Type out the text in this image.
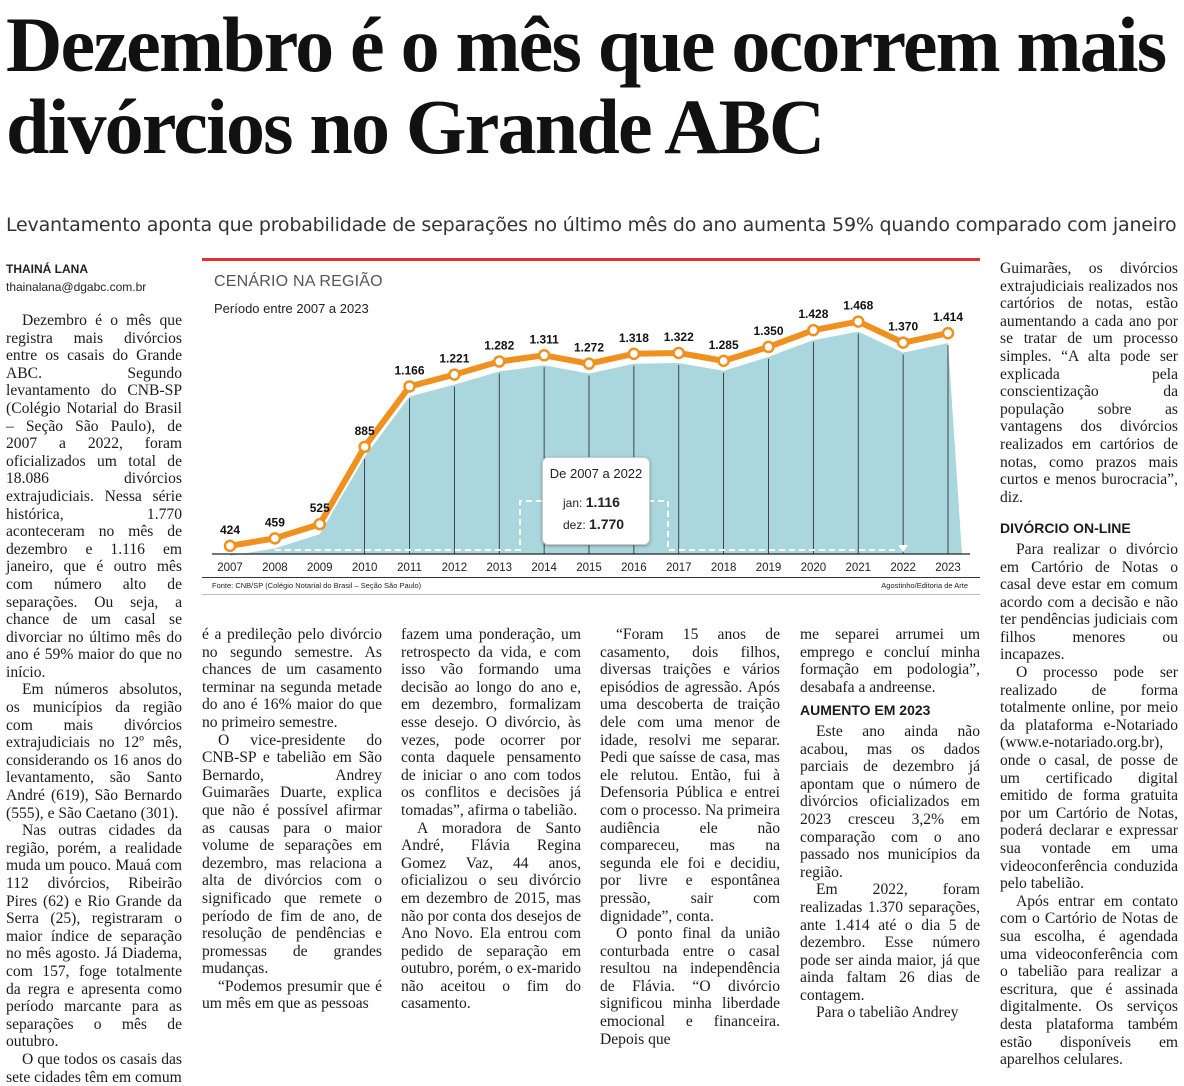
Dezembro é o mês que ocorrem mais divórcios no Grande ABC
Levantamento aponta que probabilidade de separações no último mês do ano aumenta 59% quando comparado com janeiro
THAINÁ LANA
thainalana@dgabc.com.br

Dezembro é o mês que registra mais divórcios entre os casais do Grande ABC. Segundo levantamento do CNB-SP (Colégio Notarial do Brasil – Seção São Paulo), de 2007 a 2022, foram oficializados um total de 18.086 divórcios extrajudiciais. Nessa série histórica, 1.770 aconteceram no mês de dezembro e 1.116 em janeiro, que é outro mês com número alto de separações. Ou seja, a chance de um casal se divorciar no último mês do ano é 59% maior do que no início.

Em números absolutos, os municípios da região com mais divórcios extrajudiciais no 12º mês, considerando os 16 anos do levantamento, são Santo André (619), São Bernardo (555), e São Caetano (301).

Nas outras cidades da região, porém, a realidade muda um pouco. Mauá com 112 divórcios, Ribeirão Pires (62) e Rio Grande da Serra (25), registraram o maior índice de separação no mês agosto. Já Diadema, com 157, foge totalmente da regra e apresenta como período marcante para as separações o mês de outubro.

O que todos os casais das sete cidades têm em comum

424
2007
459
2008
525
2009
885
2010
1.166
2011
1.221
2012
1.282
2013
1.311
2014
1.272
2015
1.318
2016
1.322
2017
1.285
2018
1.350
2019
1.428
2020
1.468
2021
1.370
2022
1.414
2023
CENÁRIO NA REGIÃO
Período entre 2007 a 2023
De 2007 a 2022
jan: 1.116
dez: 1.770
Fonte: CNB/SP (Colégio Notarial do Brasil – Seção São Paulo)	Agostinho/Editoria de Arte

é a predileção pelo divórcio no segundo semestre. As chances de um casamento terminar na segunda metade do ano é 16% maior do que no primeiro semestre.

O vice-presidente do CNB-SP e tabelião em São Bernardo, Andrey Guimarães Duarte, explica que não é possível afirmar as causas para o maior volume de separações em dezembro, mas relaciona a alta de divórcios com o significado que remete o período de fim de ano, de resolução de pendências e promessas de grandes mudanças.

“Podemos presumir que é um mês em que as pessoas

fazem uma ponderação, um retrospecto da vida, e com isso vão formando uma decisão ao longo do ano e, em dezembro, formalizam esse desejo. O divórcio, às vezes, pode ocorrer por conta daquele pensamento de iniciar o ano com todos os conflitos e decisões já tomadas”, afirma o tabelião.

A moradora de Santo André, Flávia Regina Gomez Vaz, 44 anos, oficializou o seu divórcio em dezembro de 2015, mas não por conta dos desejos de Ano Novo. Ela entrou com pedido de separação em outubro, porém, o ex-marido não aceitou o fim do casamento.

“Foram 15 anos de casamento, dois filhos, diversas traições e vários episódios de agressão. Após uma descoberta de traição dele com uma menor de idade, resolvi me separar. Pedi que saísse de casa, mas ele relutou. Então, fui à Defensoria Pública e entrei com o processo. Na primeira audiência ele não compareceu, mas na segunda ele foi e decidiu, por livre e espontânea pressão, sair com dignidade”, conta.

O ponto final da união conturbada entre o casal resultou na independência de Flávia. “O divórcio significou minha liberdade emocional e financeira. Depois que

me separei arrumei um emprego e concluí minha formação em podologia”, desabafa a andreense.

AUMENTO EM 2023

Este ano ainda não acabou, mas os dados parciais de dezembro já apontam que o número de divórcios oficializados em 2023 cresceu 3,2% em comparação com o ano passado nos municípios da região.

Em 2022, foram realizadas 1.370 separações, ante 1.414 até o dia 5 de dezembro. Esse número pode ser ainda maior, já que ainda faltam 26 dias de contagem.

Para o tabelião Andrey

Guimarães, os divórcios extrajudiciais realizados nos cartórios de notas, estão aumentando a cada ano por se tratar de um processo simples. “A alta pode ser explicada pela conscientização da população sobre as vantagens dos divórcios realizados em cartórios de notas, como prazos mais curtos e menos burocracia”, diz.

DIVÓRCIO ON-LINE

Para realizar o divórcio em Cartório de Notas o casal deve estar em comum acordo com a decisão e não ter pendências judiciais com filhos menores ou incapazes.

O processo pode ser realizado de forma totalmente online, por meio da plataforma e-Notariado (www.e-notariado.org.br), onde o casal, de posse de um certificado digital emitido de forma gratuita por um Cartório de Notas, poderá declarar e expressar sua vontade em uma videoconferência conduzida pelo tabelião.

Após entrar em contato com o Cartório de Notas de sua escolha, é agendada uma videoconferência com o tabelião para realizar a escritura, que é assinada digitalmente. Os serviços desta plataforma também estão disponíveis em aparelhos celulares.
